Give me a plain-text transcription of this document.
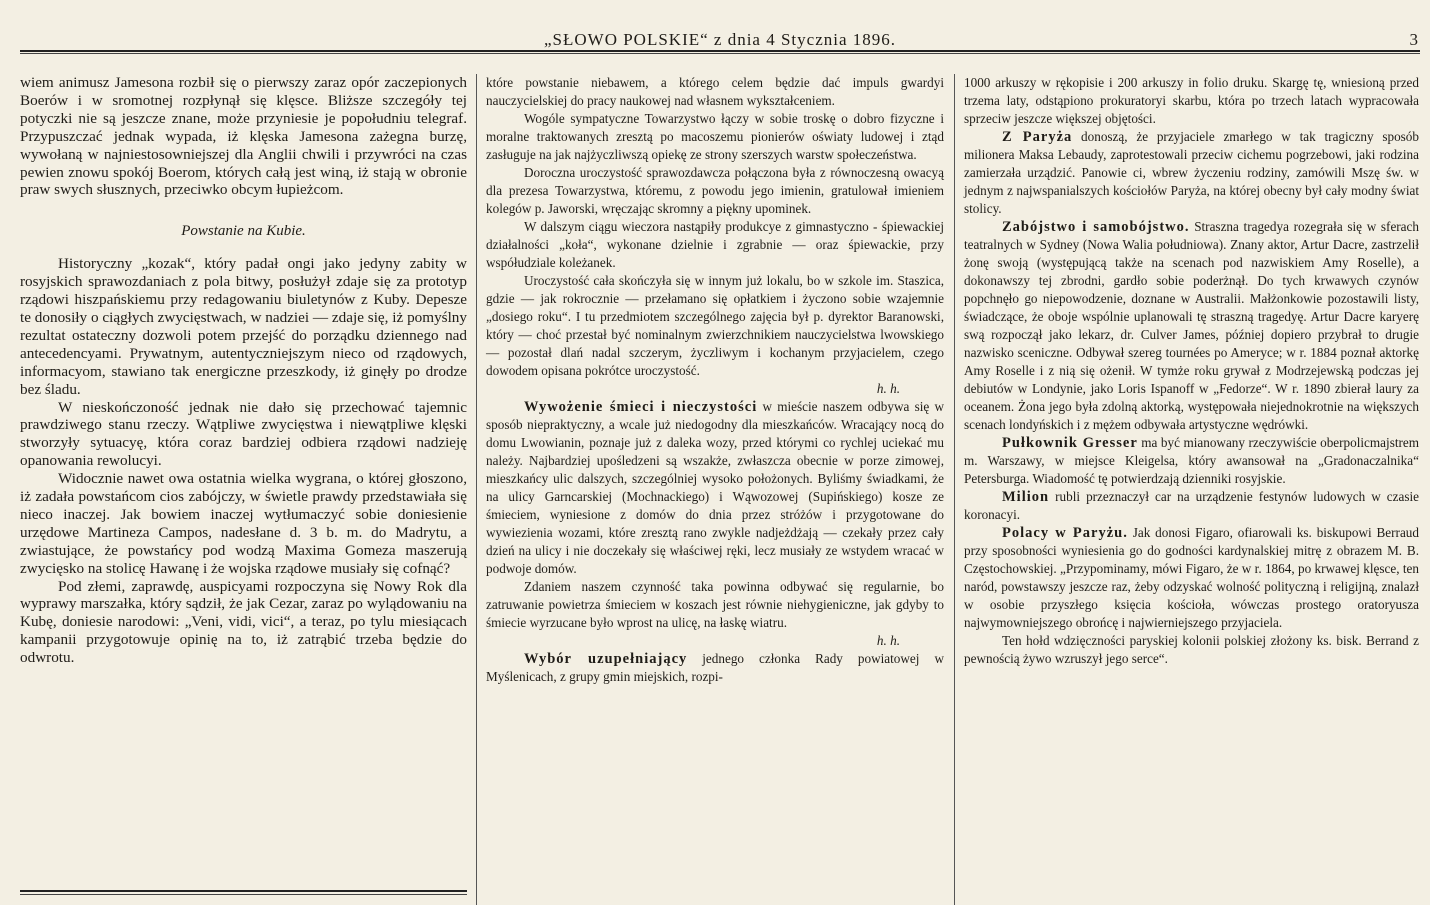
„SŁOWO POLSKIE“ z dnia 4 Stycznia 1896.	3

wiem animusz Jamesona rozbił się o pierwszy zaraz opór zaczepionych Boerów i w sromotnej rozpłynął się klęsce. Bliższe szczegóły tej potyczki nie są jeszcze znane, może przyniesie je popołudniu telegraf. Przypuszczać jednak wypada, iż klęska Jamesona zażegna burzę, wywołaną w najniestosowniejszej dla Anglii chwili i przywróci na czas pewien znowu spokój Boerom, których całą jest winą, iż stają w obronie praw swych słusznych, przeciwko obcym łupieżcom.

Powstanie na Kubie.

Historyczny „kozak“, który padał ongi jako jedyny zabity w rosyjskich sprawozdaniach z pola bitwy, posłużył zdaje się za prototyp rządowi hiszpańskiemu przy redagowaniu biuletynów z Kuby. Depesze te donosiły o ciągłych zwycięstwach, w nadziei — zdaje się, iż pomyślny rezultat ostateczny dozwoli potem przejść do porządku dziennego nad antecedencyami. Prywatnym, autentyczniejszym nieco od rządowych, informacyom, stawiano tak energiczne przeszkody, iż ginęły po drodze bez śladu.

W nieskończoność jednak nie dało się przechować tajemnic prawdziwego stanu rzeczy. Wątpliwe zwycięstwa i niewątpliwe klęski stworzyły sytuacyę, która coraz bardziej odbiera rządowi nadzieję opanowania rewolucyi.

Widocznie nawet owa ostatnia wielka wygrana, o której głoszono, iż zadała powstańcom cios zabójczy, w świetle prawdy przedstawiała się nieco inaczej. Jak bowiem inaczej wytłumaczyć sobie doniesienie urzędowe Martineza Campos, nadesłane d. 3 b. m. do Madrytu, a zwiastujące, że powstańcy pod wodzą Maxima Gomeza maszerują zwycięsko na stolicę Hawanę i że wojska rządowe musiały się cofnąć?

Pod złemi, zaprawdę, auspicyami rozpoczyna się Nowy Rok dla wyprawy marszałka, który sądził, że jak Cezar, zaraz po wylądowaniu na Kubę, doniesie narodowi: „Veni, vidi, vici“, a teraz, po tylu miesiącach kampanii przygotowuje opinię na to, iż zatrąbić trzeba będzie do odwrotu.

które powstanie niebawem, a którego celem będzie dać impuls gwardyi nauczycielskiej do pracy naukowej nad własnem wykształceniem.

Wogóle sympatyczne Towarzystwo łączy w sobie troskę o dobro fizyczne i moralne traktowanych zresztą po macoszemu pionierów oświaty ludowej i ztąd zasługuje na jak najżyczliwszą opiekę ze strony szerszych warstw społeczeństwa.

Doroczna uroczystość sprawozdawcza połączona była z równoczesną owacyą dla prezesa Towarzystwa, któremu, z powodu jego imienin, gratulował imieniem kolegów p. Jaworski, wręczając skromny a piękny upominek.

W dalszym ciągu wieczora nastąpiły produkcye z gimnastyczno - śpiewackiej działalności „koła“, wykonane dzielnie i zgrabnie — oraz śpiewackie, przy współudziale koleżanek.

Uroczystość cała skończyła się w innym już lokalu, bo w szkole im. Staszica, gdzie — jak rokrocznie — przełamano się opłatkiem i życzono sobie wzajemnie „dosiego roku“. I tu przedmiotem szczególnego zajęcia był p. dyrektor Baranowski, który — choć przestał być nominalnym zwierzchnikiem nauczycielstwa lwowskiego — pozostał dlań nadal szczerym, życzliwym i kochanym przyjacielem, czego dowodem opisana pokrótce uroczystość.

h. h.

Wywożenie śmieci i nieczystości w mieście naszem odbywa się w sposób niepraktyczny, a wcale już niedogodny dla mieszkańców. Wracający nocą do domu Lwowianin, poznaje już z daleka wozy, przed którymi co rychlej uciekać mu należy. Najbardziej upośledzeni są wszakże, zwłaszcza obecnie w porze zimowej, mieszkańcy ulic dalszych, szczególniej wysoko położonych. Byliśmy świadkami, że na ulicy Garncarskiej (Mochnackiego) i Wąwozowej (Supińskiego) kosze ze śmieciem, wyniesione z domów do dnia przez stróżów i przygotowane do wywiezienia wozami, które zresztą rano zwykle nadjeżdżają — czekały przez cały dzień na ulicy i nie doczekały się właściwej ręki, lecz musiały ze wstydem wracać w podwoje domów.

Zdaniem naszem czynność taka powinna odbywać się regularnie, bo zatruwanie powietrza śmieciem w koszach jest równie niehygieniczne, jak gdyby to śmiecie wyrzucane było wprost na ulicę, na łaskę wiatru.

h. h.

Wybór uzupełniający jednego członka Rady powiatowej w Myślenicach, z grupy gmin miejskich, rozpi-

1000 arkuszy w rękopisie i 200 arkuszy in folio druku. Skargę tę, wniesioną przed trzema laty, odstąpiono prokuratoryi skarbu, która po trzech latach wypracowała sprzeciw jeszcze większej objętości.

Z Paryża donoszą, że przyjaciele zmarłego w tak tragiczny sposób milionera Maksa Lebaudy, zaprotestowali przeciw cichemu pogrzebowi, jaki rodzina zamierzała urządzić. Panowie ci, wbrew życzeniu rodziny, zamówili Mszę św. w jednym z najwspanialszych kościołów Paryża, na której obecny był cały modny świat stolicy.

Zabójstwo i samobójstwo. Straszna tragedya rozegrała się w sferach teatralnych w Sydney (Nowa Walia południowa). Znany aktor, Artur Dacre, zastrzelił żonę swoją (występującą także na scenach pod nazwiskiem Amy Roselle), a dokonawszy tej zbrodni, gardło sobie poderżnął. Do tych krwawych czynów popchnęło go niepowodzenie, doznane w Australii. Małżonkowie pozostawili listy, świadczące, że oboje wspólnie uplanowali tę straszną tragedyę. Artur Dacre karyerę swą rozpoczął jako lekarz, dr. Culver James, później dopiero przybrał to drugie nazwisko sceniczne. Odbywał szereg tournées po Ameryce; w r. 1884 poznał aktorkę Amy Roselle i z nią się ożenił. W tymże roku grywał z Modrzejewską podczas jej debiutów w Londynie, jako Loris Ispanoff w „Fedorze“. W r. 1890 zbierał laury za oceanem. Żona jego była zdolną aktorką, występowała niejednokrotnie na większych scenach londyńskich i z mężem odbywała artystyczne wędrówki.

Pułkownik Gresser ma być mianowany rzeczywiście oberpolicmajstrem m. Warszawy, w miejsce Kleigelsa, który awansował na „Gradonaczalnika“ Petersburga. Wiadomość tę potwierdzają dzienniki rosyjskie.

Milion rubli przeznaczył car na urządzenie festynów ludowych w czasie koronacyi.

Polacy w Paryżu. Jak donosi Figaro, ofiarowali ks. biskupowi Berraud przy sposobności wyniesienia go do godności kardynalskiej mitrę z obrazem M. B. Częstochowskiej. „Przypominamy, mówi Figaro, że w r. 1864, po krwawej klęsce, ten naród, powstawszy jeszcze raz, żeby odzyskać wolność polityczną i religijną, znalazł w osobie przyszłego księcia kościoła, wówczas prostego oratoryusza najwymowniejszego obrońcę i najwierniejszego przyjaciela.

Ten hołd wdzięczności paryskiej kolonii polskiej złożony ks. bisk. Berrand z pewnością żywo wzruszył jego serce“.
